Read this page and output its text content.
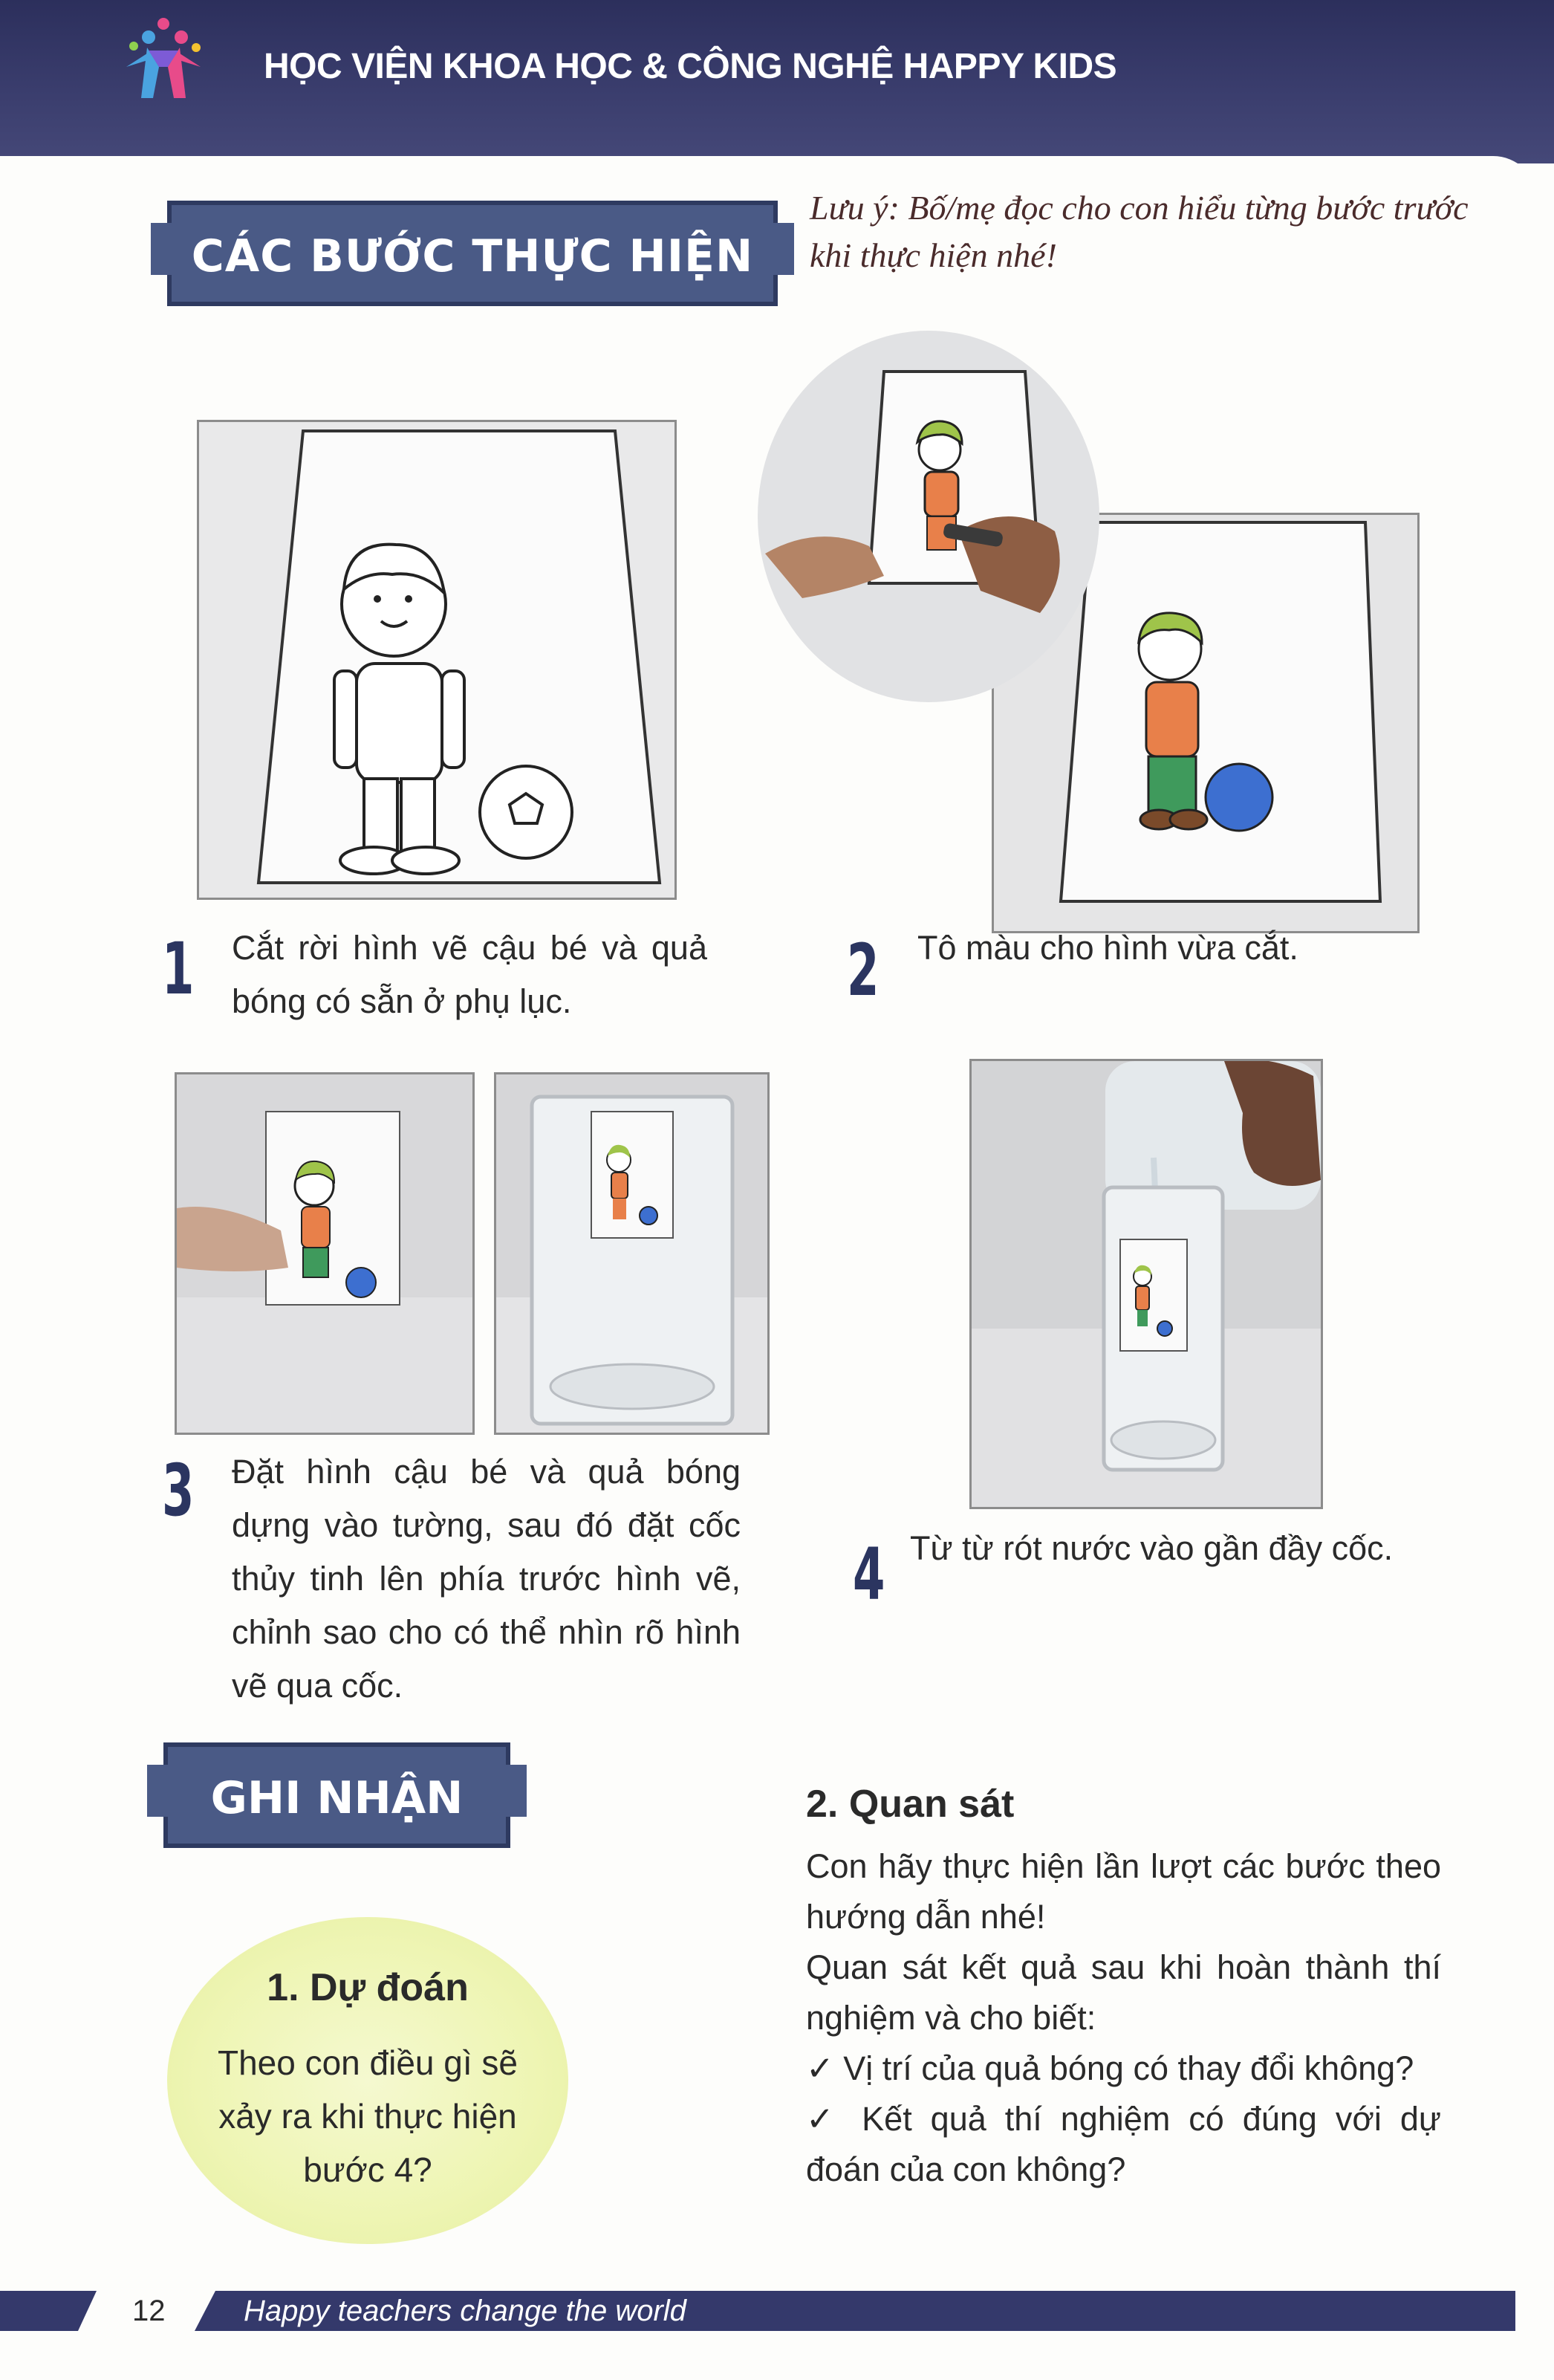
HỌC VIỆN KHOA HỌC & CÔNG NGHỆ HAPPY KIDS
CÁC BƯỚC THỰC HIỆN
Lưu ý: Bố/mẹ đọc cho con hiểu từng bước trước khi thực hiện nhé!
1 Cắt rời hình vẽ cậu bé và quả bóng có sẵn ở phụ lục.	2 Tô màu cho hình vừa cắt.
3 Đặt hình cậu bé và quả bóng dựng vào tường, sau đó đặt cốc thủy tinh lên phía trước hình vẽ, chỉnh sao cho có thể nhìn rõ hình vẽ qua cốc.
4 Từ từ rót nước vào gần đầy cốc.
GHI NHẬN
1. Dự đoán
Theo con điều gì sẽ xảy ra khi thực hiện bước 4?
2. Quan sát

Con hãy thực hiện lần lượt các bước theo hướng dẫn nhé!

Quan sát kết quả sau khi hoàn thành thí nghiệm và cho biết:

✓ Vị trí của quả bóng có thay đổi không?

✓ Kết quả thí nghiệm có đúng với dự đoán của con không?

12	Happy teachers change the world
